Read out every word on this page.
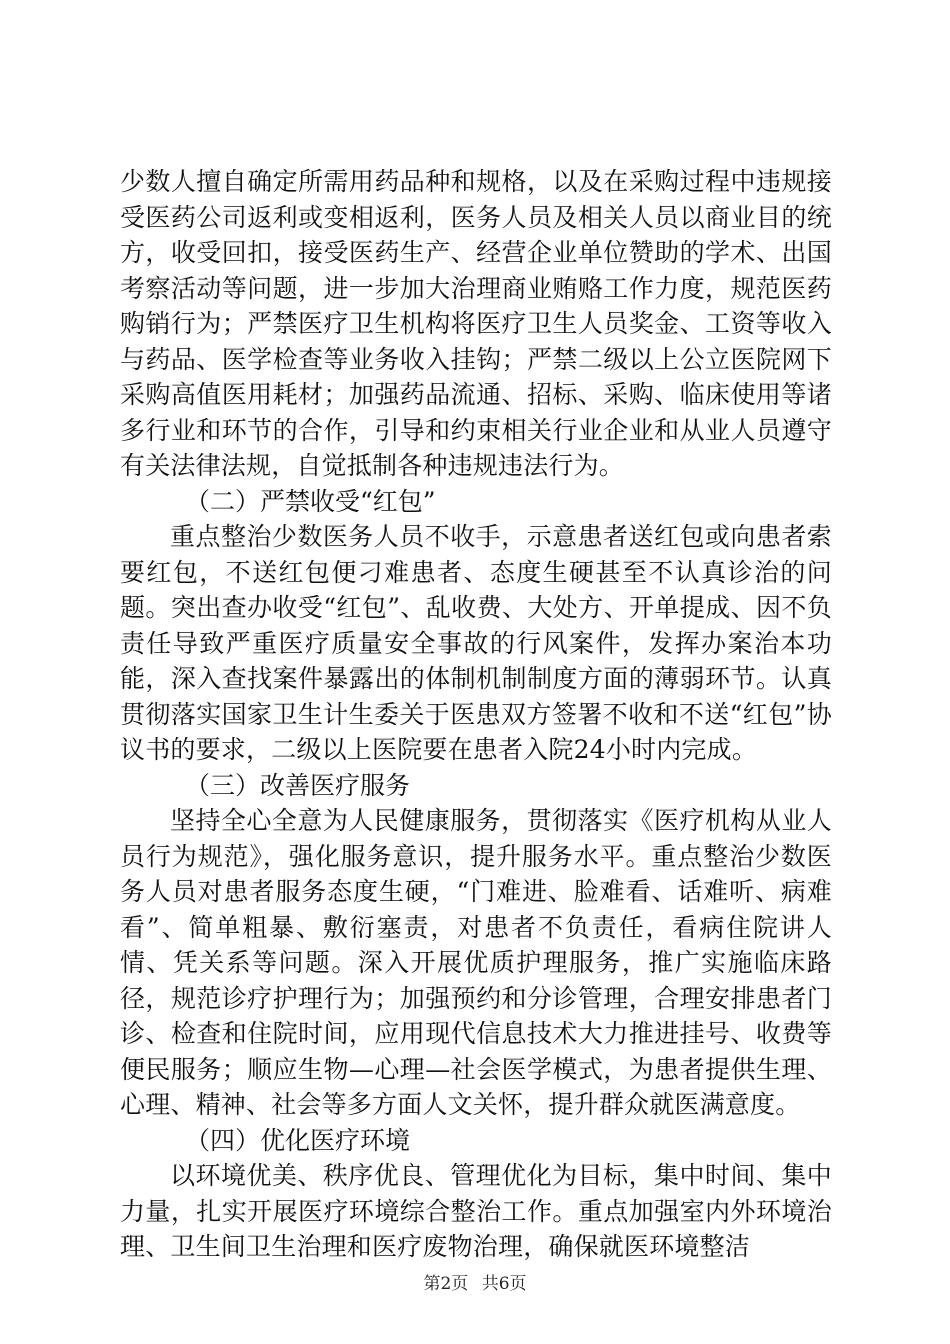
少数人擅自确定所需用药品种和规格，以及在采购过程中违规接受医药公司返利或变相返利，医务人员及相关人员以商业目的统方，收受回扣，接受医药生产、经营企业单位赞助的学术、出国考察活动等问题，进一步加大治理商业贿赂工作力度，规范医药购销行为；严禁医疗卫生机构将医疗卫生人员奖金、工资等收入与药品、医学检查等业务收入挂钩；严禁二级以上公立医院网下采购高值医用耗材；加强药品流通、招标、采购、临床使用等诸多行业和环节的合作，引导和约束相关行业企业和从业人员遵守有关法律法规，自觉抵制各种违规违法行为。

（二）严禁收受“红包”

重点整治少数医务人员不收手，示意患者送红包或向患者索要红包，不送红包便刁难患者、态度生硬甚至不认真诊治的问题。突出查办收受“红包”、乱收费、大处方、开单提成、因不负责任导致严重医疗质量安全事故的行风案件，发挥办案治本功能，深入查找案件暴露出的体制机制制度方面的薄弱环节。认真贯彻落实国家卫生计生委关于医患双方签署不收和不送“红包”协议书的要求，二级以上医院要在患者入院24小时内完成。

（三）改善医疗服务

坚持全心全意为人民健康服务，贯彻落实《医疗机构从业人员行为规范》，强化服务意识，提升服务水平。重点整治少数医务人员对患者服务态度生硬，“门难进、脸难看、话难听、病难看”、简单粗暴、敷衍塞责，对患者不负责任，看病住院讲人情、凭关系等问题。深入开展优质护理服务，推广实施临床路径，规范诊疗护理行为；加强预约和分诊管理，合理安排患者门诊、检查和住院时间，应用现代信息技术大力推进挂号、收费等便民服务；顺应生物—心理—社会医学模式，为患者提供生理、心理、精神、社会等多方面人文关怀，提升群众就医满意度。

（四）优化医疗环境

以环境优美、秩序优良、管理优化为目标，集中时间、集中力量，扎实开展医疗环境综合整治工作。重点加强室内外环境治理、卫生间卫生治理和医疗废物治理，确保就医环境整洁

第2页 共6页
